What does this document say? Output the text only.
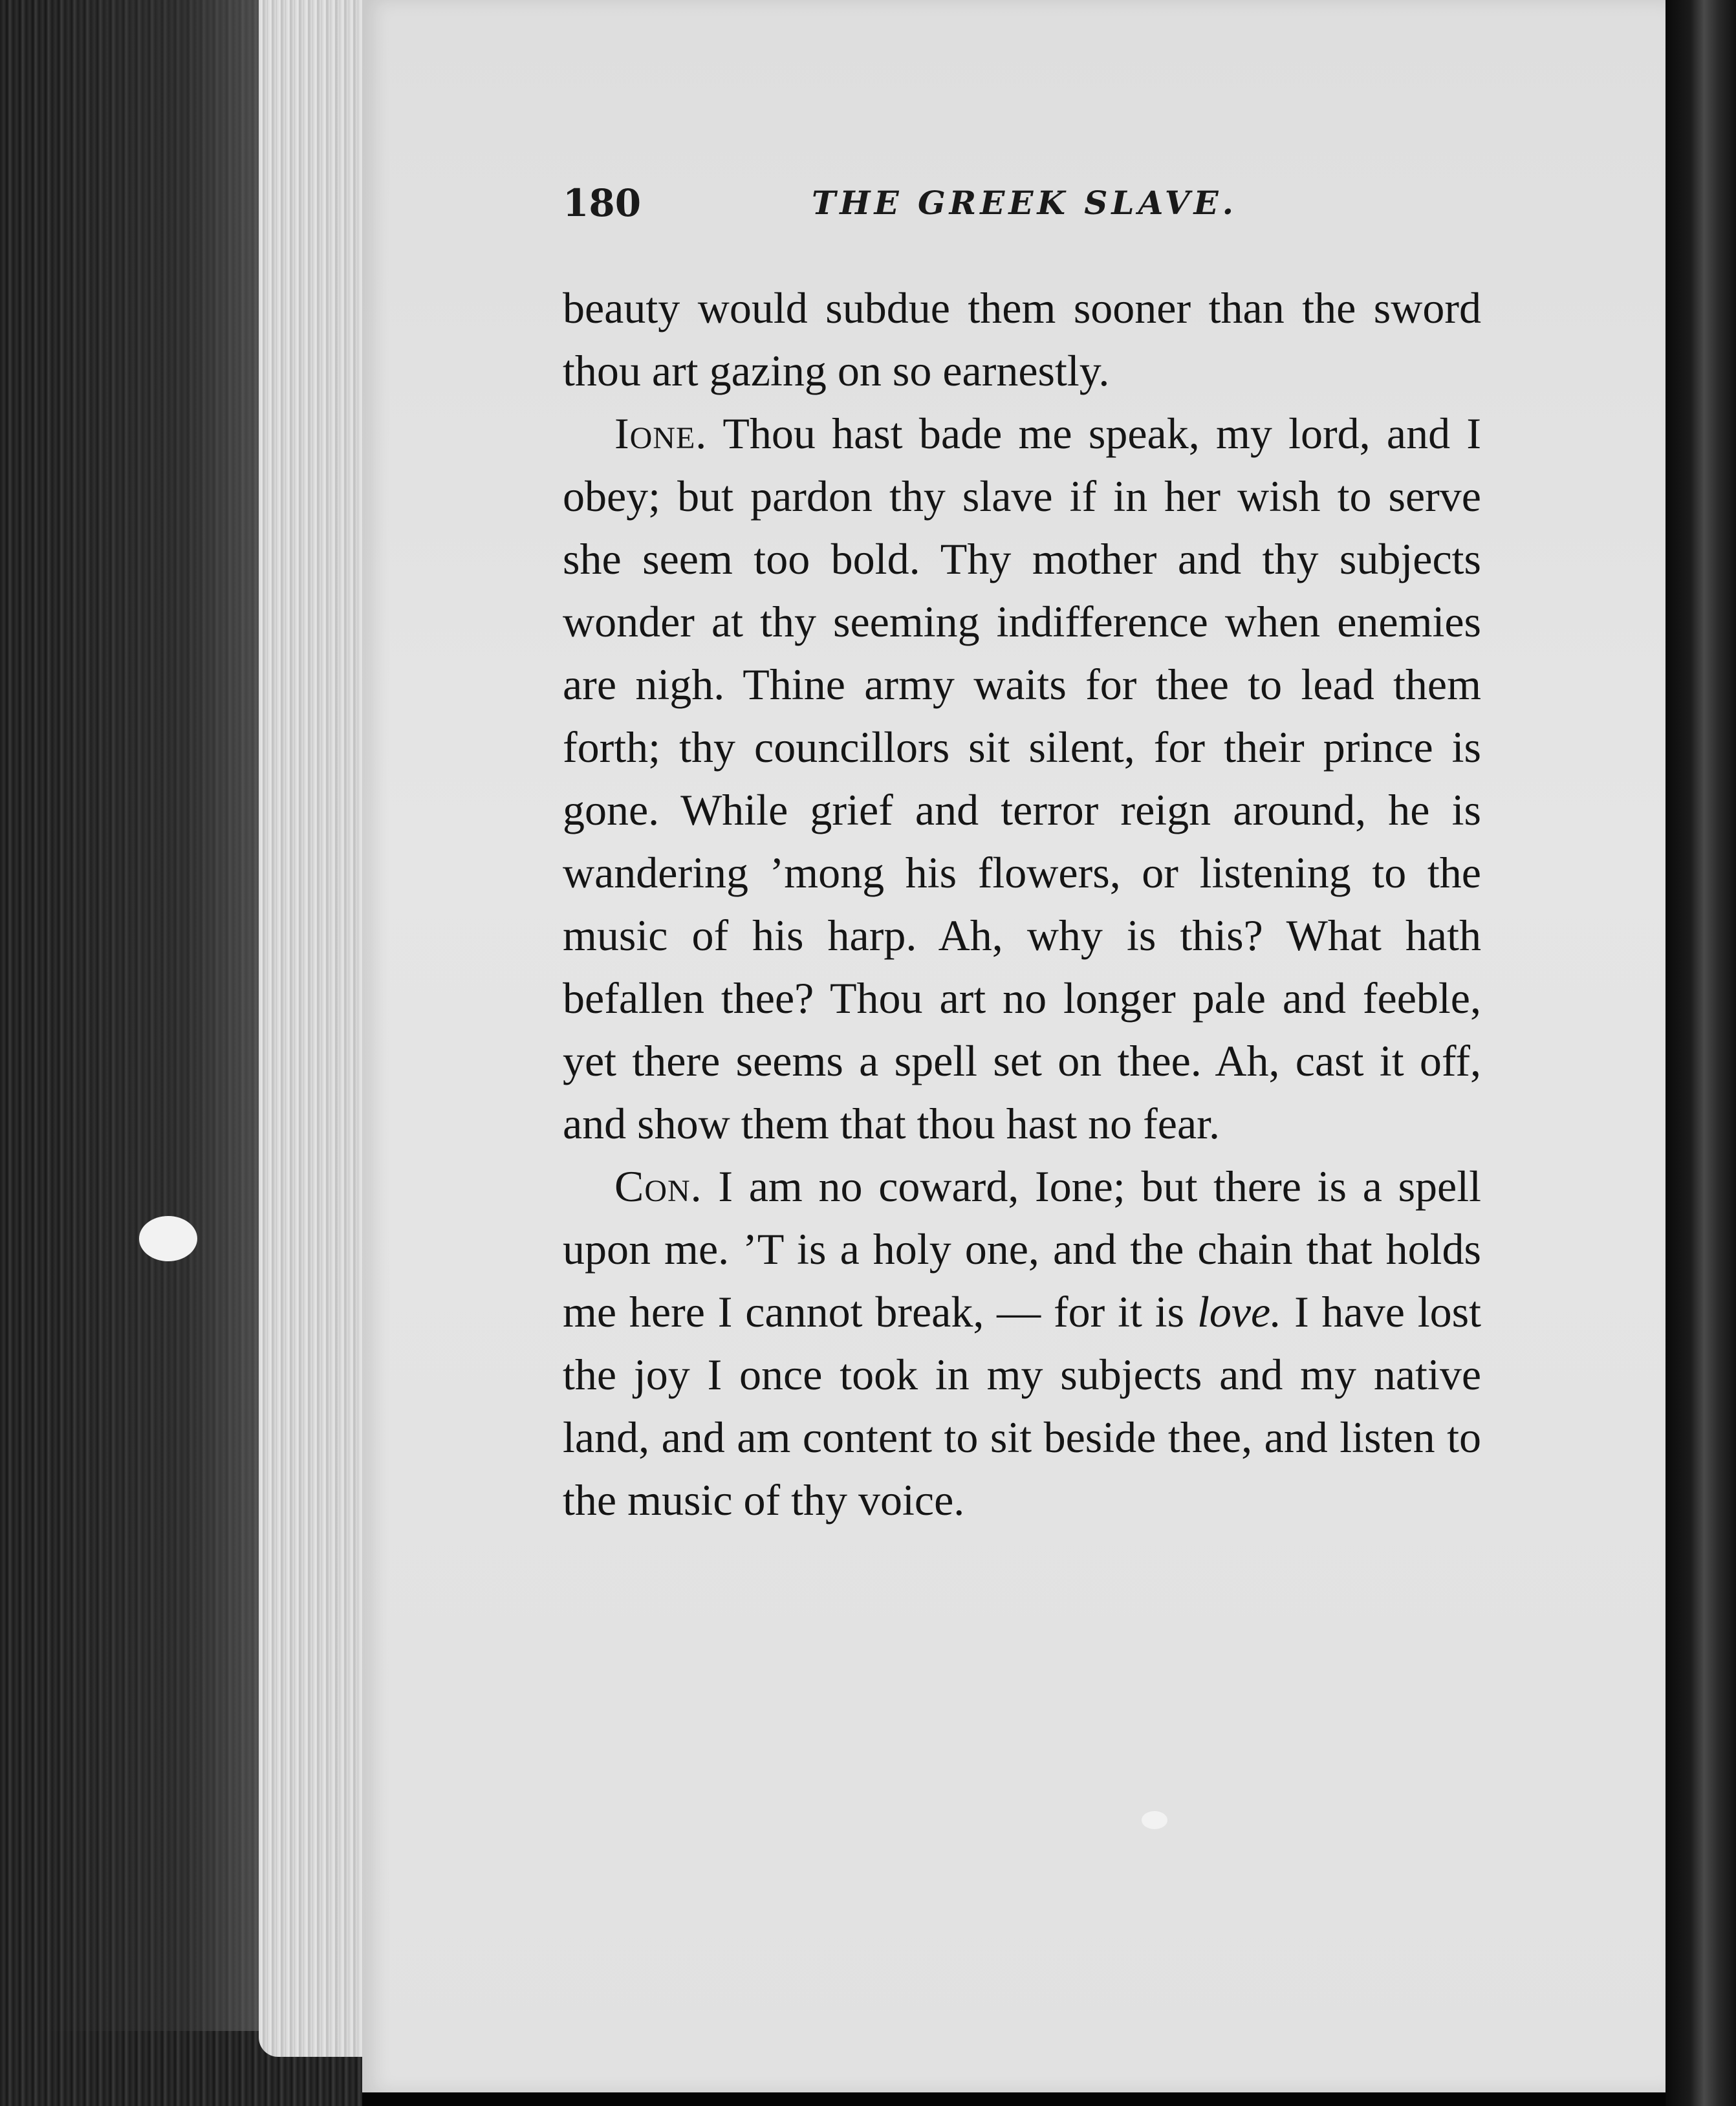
180	THE GREEK SLAVE.

beauty would subdue them sooner than the sword thou art gazing on so earnestly.

Ione. Thou hast bade me speak, my lord, and I obey; but pardon thy slave if in her wish to serve she seem too bold. Thy mother and thy subjects wonder at thy seeming indifference when enemies are nigh. Thine army waits for thee to lead them forth; thy councillors sit silent, for their prince is gone. While grief and terror reign around, he is wandering ’mong his flowers, or listening to the music of his harp. Ah, why is this? What hath befallen thee? Thou art no longer pale and feeble, yet there seems a spell set on thee. Ah, cast it off, and show them that thou hast no fear.

Con. I am no coward, Ione; but there is a spell upon me. ’T is a holy one, and the chain that holds me here I cannot break, — for it is love. I have lost the joy I once took in my subjects and my native land, and am content to sit beside thee, and listen to the music of thy voice.
